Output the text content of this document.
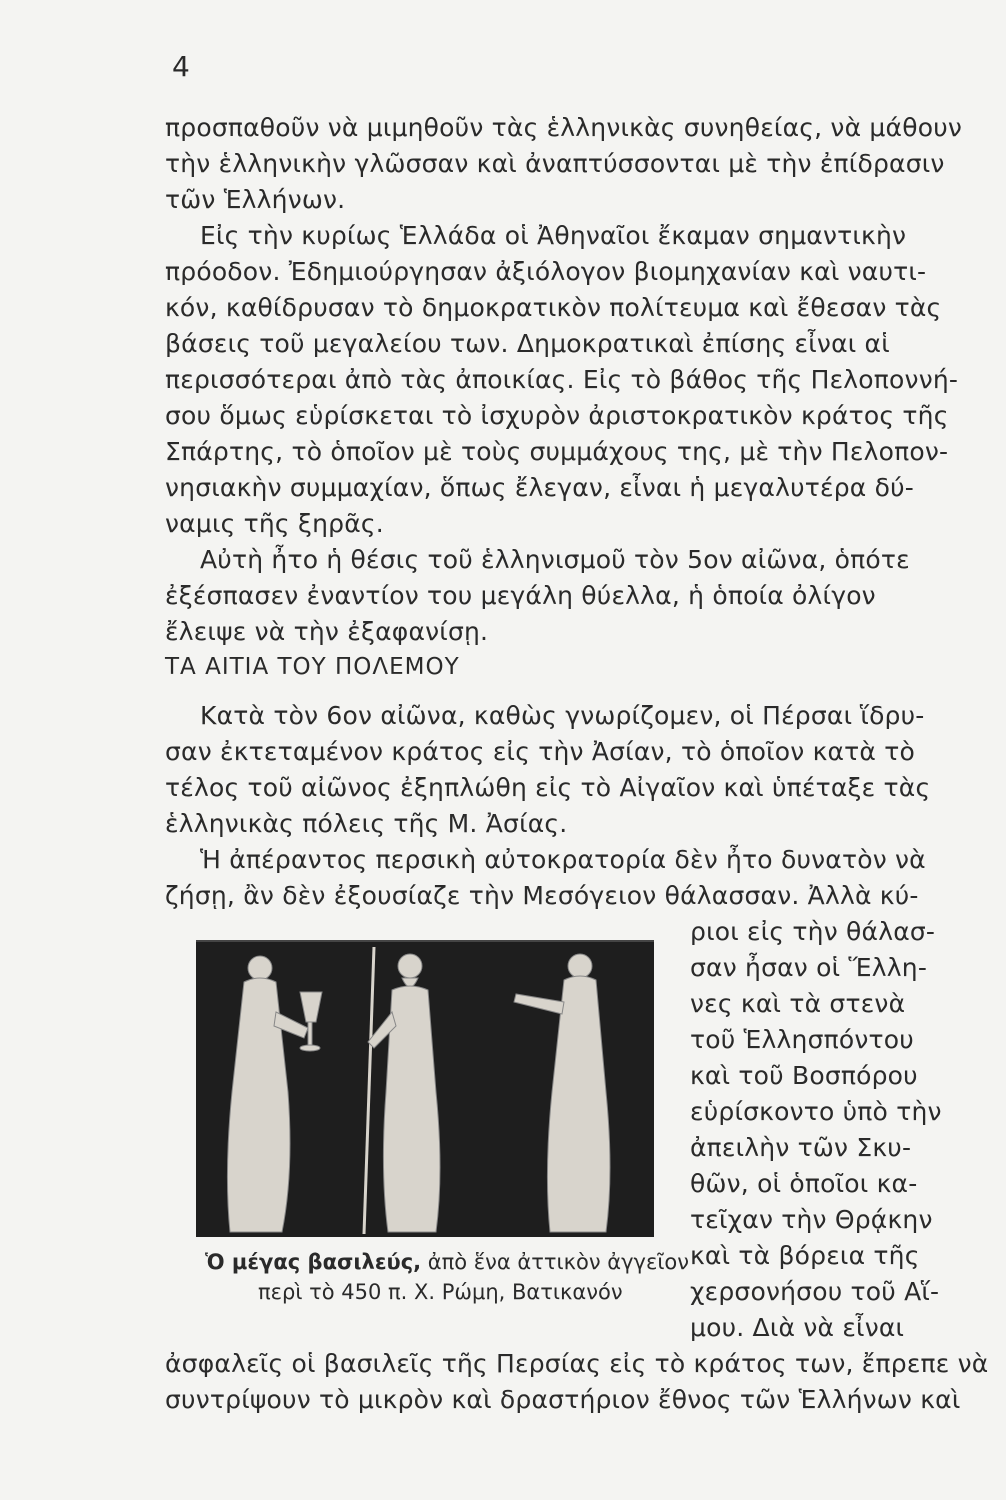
4
προσπαθοῦν νὰ μιμηθοῦν τὰς ἑλληνικὰς συνηθείας, νὰ μάθουν
τὴν ἑλληνικὴν γλῶσσαν καὶ ἀναπτύσσονται μὲ τὴν ἐπίδρασιν
τῶν Ἑλλήνων.
Εἰς τὴν κυρίως Ἑλλάδα οἱ Ἀθηναῖοι ἔκαμαν σημαντικὴν
πρόοδον. Ἐδημιούργησαν ἀξιόλογον βιομηχανίαν καὶ ναυτι-
κόν, καθίδρυσαν τὸ δημοκρατικὸν πολίτευμα καὶ ἔθεσαν τὰς
βάσεις τοῦ μεγαλείου των. Δημοκρατικαὶ ἐπίσης εἶναι αἱ
περισσότεραι ἀπὸ τὰς ἀποικίας. Εἰς τὸ βάθος τῆς Πελοποννή-
σου ὅμως εὑρίσκεται τὸ ἰσχυρὸν ἀριστοκρατικὸν κράτος τῆς
Σπάρτης, τὸ ὁποῖον μὲ τοὺς συμμάχους της, μὲ τὴν Πελοπον-
νησιακὴν συμμαχίαν, ὅπως ἔλεγαν, εἶναι ἡ μεγαλυτέρα δύ-
ναμις τῆς ξηρᾶς.
Αὐτὴ ἦτο ἡ θέσις τοῦ ἑλληνισμοῦ τὸν 5ον αἰῶνα, ὁπότε
ἐξέσπασεν ἐναντίον του μεγάλη θύελλα, ἡ ὁποία ὀλίγον
ἔλειψε νὰ τὴν ἐξαφανίσῃ.
ΤΑ ΑΙΤΙΑ ΤΟΥ ΠΟΛΕΜΟΥ
Κατὰ τὸν 6ον αἰῶνα, καθὼς γνωρίζομεν, οἱ Πέρσαι ἵδρυ-
σαν ἐκτεταμένον κράτος εἰς τὴν Ἀσίαν, τὸ ὁποῖον κατὰ τὸ
τέλος τοῦ αἰῶνος ἐξηπλώθη εἰς τὸ Αἰγαῖον καὶ ὑπέταξε τὰς
ἑλληνικὰς πόλεις τῆς Μ. Ἀσίας.
Ἡ ἀπέραντος περσικὴ αὐτοκρατορία δὲν ἦτο δυνατὸν νὰ
ζήσῃ, ἂν δὲν ἐξουσίαζε τὴν Μεσόγειον θάλασσαν. Ἀλλὰ κύ-
ριοι εἰς τὴν θάλασ-
σαν ἦσαν οἱ Ἕλλη-
νες καὶ τὰ στενὰ
τοῦ Ἑλλησπόντου
καὶ τοῦ Βοσπόρου
εὑρίσκοντο ὑπὸ τὴν
ἀπειλὴν τῶν Σκυ-
θῶν, οἱ ὁποῖοι κα-
τεῖχαν τὴν Θρᾴκην
καὶ τὰ βόρεια τῆς
χερσονήσου τοῦ Αἵ-
μου. Διὰ νὰ εἶναι
Ὁ μέγας βασιλεύς, ἀπὸ ἕνα ἀττικὸν ἀγγεῖον
περὶ τὸ 450 π. Χ. Ρώμη, Βατικανόν
ἀσφαλεῖς οἱ βασιλεῖς τῆς Περσίας εἰς τὸ κράτος των, ἔπρεπε νὰ
συντρίψουν τὸ μικρὸν καὶ δραστήριον ἔθνος τῶν Ἑλλήνων καὶ
